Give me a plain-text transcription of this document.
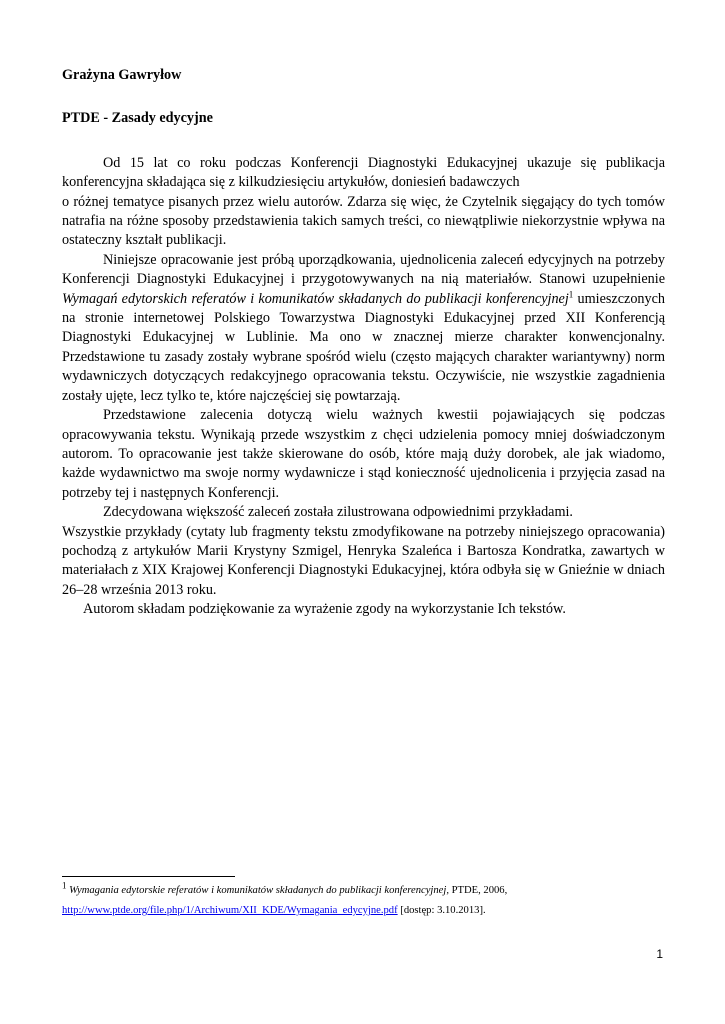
Grażyna Gawryłow

PTDE - Zasady edycyjne

Od 15 lat co roku podczas Konferencji Diagnostyki Edukacyjnej ukazuje się publikacja konferencyjna składająca się z kilkudziesięciu artykułów, doniesień badawczych

o różnej tematyce pisanych przez wielu autorów. Zdarza się więc, że Czytelnik sięgający do tych tomów natrafia na różne sposoby przedstawienia takich samych treści, co niewątpliwie niekorzystnie wpływa na ostateczny kształt publikacji.

Niniejsze opracowanie jest próbą uporządkowania, ujednolicenia zaleceń edycyjnych na potrzeby Konferencji Diagnostyki Edukacyjnej i przygotowywanych na nią materiałów. Stanowi uzupełnienie Wymagań edytorskich referatów i komunikatów składanych do publikacji konferencyjnej$^1$ umieszczonych na stronie internetowej Polskiego Towarzystwa Diagnostyki Edukacyjnej przed XII Konferencją Diagnostyki Edukacyjnej w Lublinie. Ma ono w znacznej mierze charakter konwencjonalny. Przedstawione tu zasady zostały wybrane spośród wielu (często mających charakter wariantywny) norm wydawniczych dotyczących redakcyjnego opracowania tekstu. Oczywiście, nie wszystkie zagadnienia zostały ujęte, lecz tylko te, które najczęściej się powtarzają.

Przedstawione zalecenia dotyczą wielu ważnych kwestii pojawiających się podczas opracowywania tekstu. Wynikają przede wszystkim z chęci udzielenia pomocy mniej doświadczonym autorom. To opracowanie jest także skierowane do osób, które mają duży dorobek, ale jak wiadomo, każde wydawnictwo ma swoje normy wydawnicze i stąd konieczność ujednolicenia i przyjęcia zasad na potrzeby tej i następnych Konferencji.

Zdecydowana większość zaleceń została zilustrowana odpowiednimi przykładami.

Wszystkie przykłady (cytaty lub fragmenty tekstu zmodyfikowane na potrzeby niniejszego opracowania) pochodzą z artykułów Marii Krystyny Szmigel, Henryka Szaleńca i Bartosza Kondratka, zawartych w materiałach z XIX Krajowej Konferencji Diagnostyki Edukacyjnej, która odbyła się w Gnieźnie w dniach 26–28 września 2013 roku.

Autorom składam podziękowanie za wyrażenie zgody na wykorzystanie Ich tekstów.

$^1$ Wymagania edytorskie referatów i komunikatów składanych do publikacji konferencyjnej, PTDE, 2006,
http://www.ptde.org/file.php/1/Archiwum/XII_KDE/Wymagania_edycyjne.pdf [dostęp: 3.10.2013].
1
